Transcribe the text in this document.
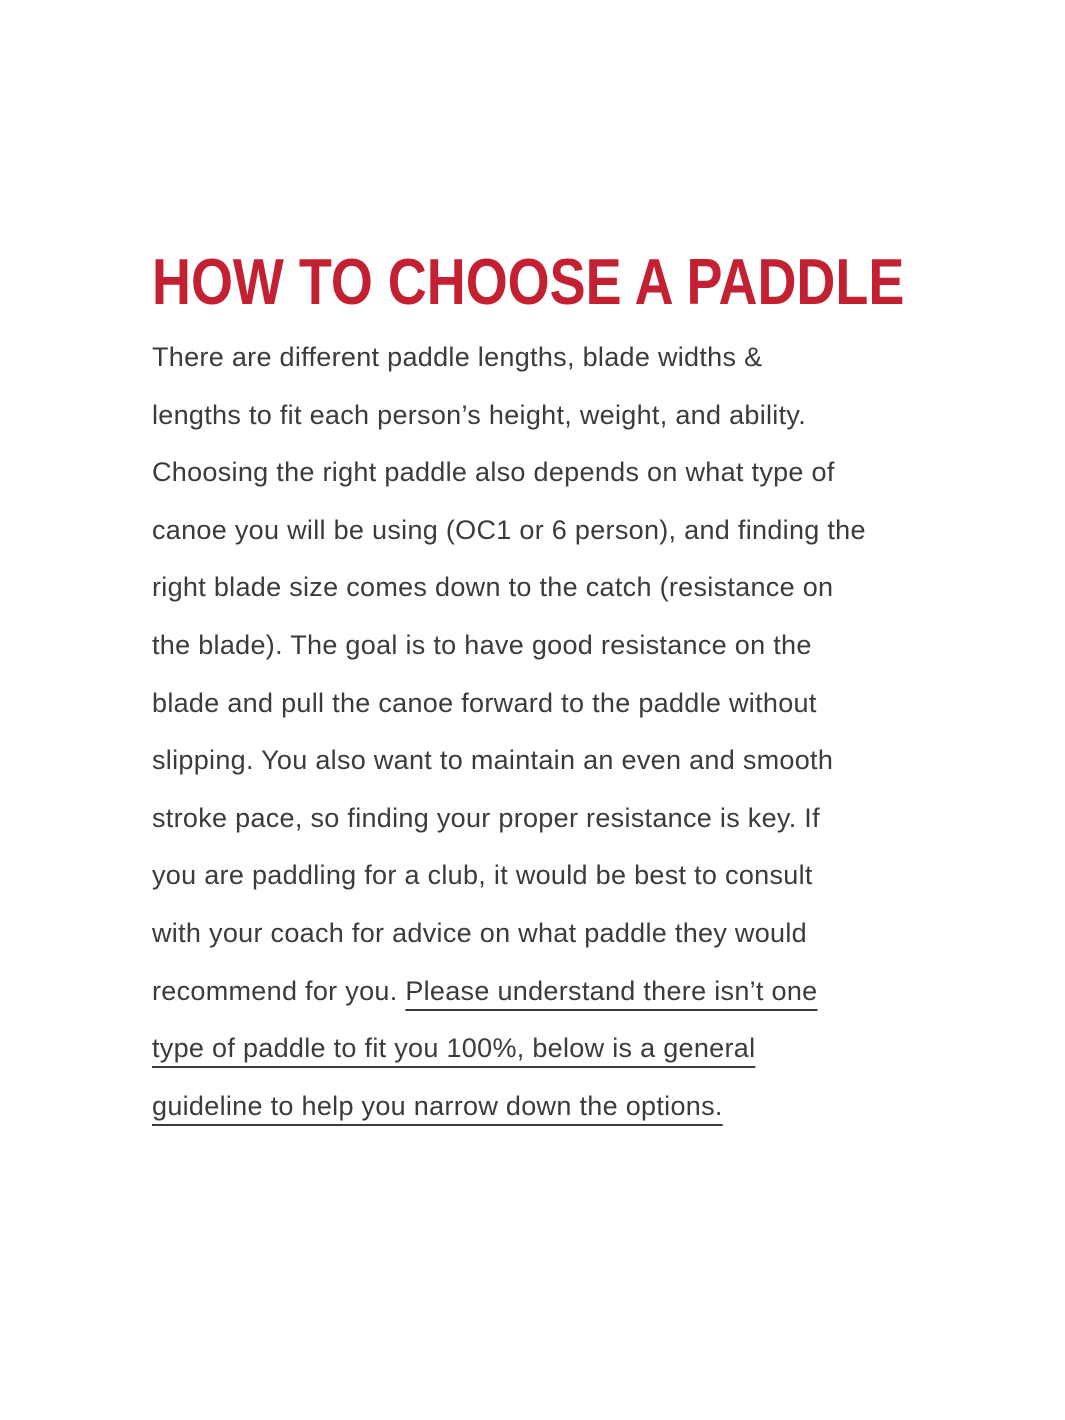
HOW TO CHOOSE A PADDLE
There are different paddle lengths, blade widths &
lengths to fit each person’s height, weight, and ability.
Choosing the right paddle also depends on what type of
canoe you will be using (OC1 or 6 person), and finding the
right blade size comes down to the catch (resistance on
the blade). The goal is to have good resistance on the
blade and pull the canoe forward to the paddle without
slipping. You also want to maintain an even and smooth
stroke pace, so finding your proper resistance is key. If
you are paddling for a club, it would be best to consult
with your coach for advice on what paddle they would
recommend for you. Please understand there isn’t one
type of paddle to fit you 100%, below is a general
guideline to help you narrow down the options.
